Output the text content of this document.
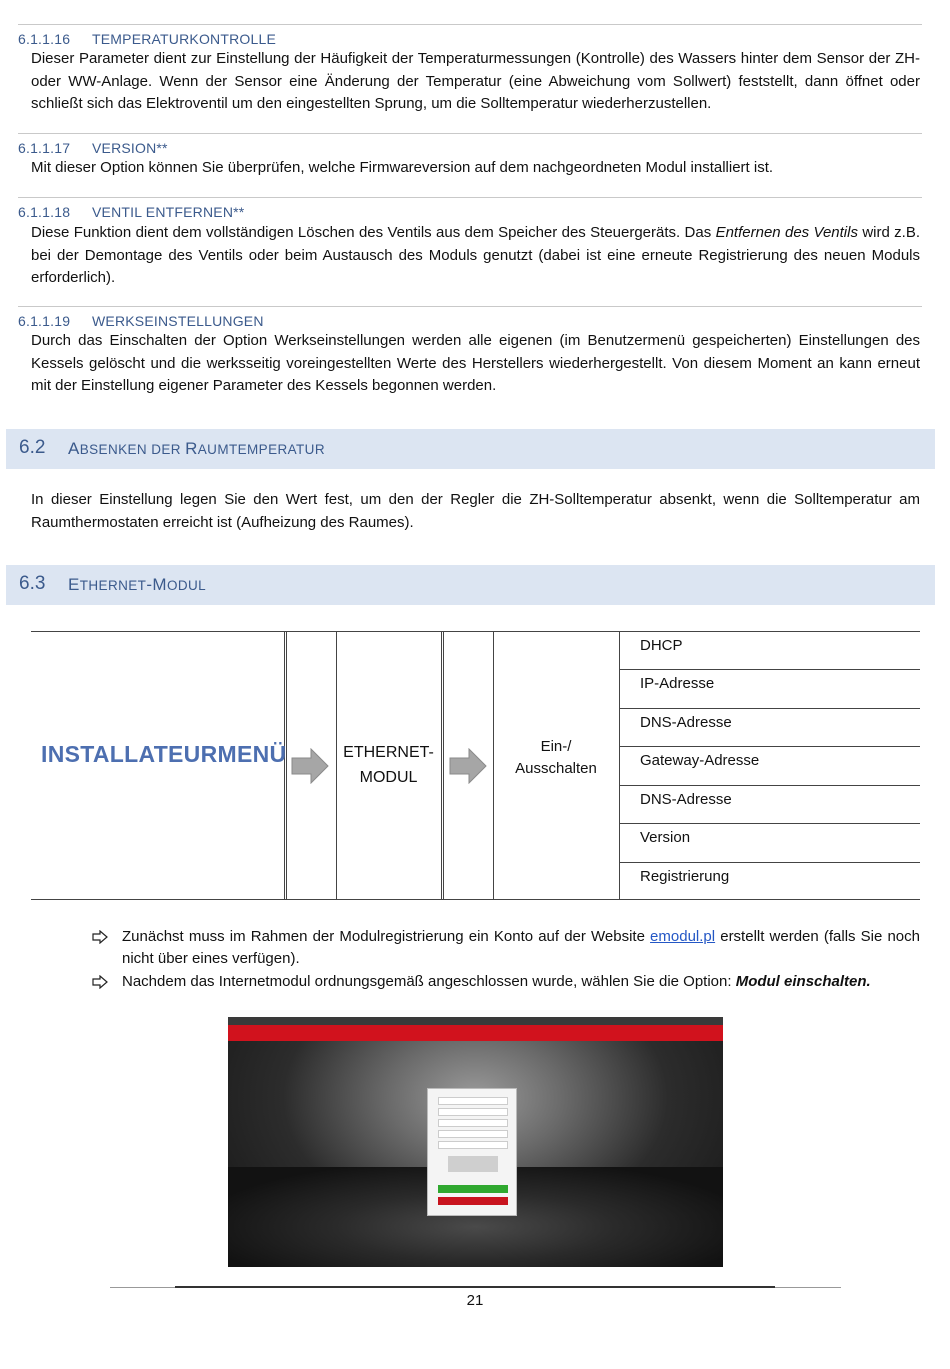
6.1.1.16 TEMPERATURKONTROLLE
Dieser Parameter dient zur Einstellung der Häufigkeit der Temperaturmessungen (Kontrolle) des Wassers hinter dem Sensor der ZH- oder WW-Anlage. Wenn der Sensor eine Änderung der Temperatur (eine Abweichung vom Sollwert) feststellt, dann öffnet oder schließt sich das Elektroventil um den eingestellten Sprung, um die Solltemperatur wiederherzustellen.
6.1.1.17 VERSION**
Mit dieser Option können Sie überprüfen, welche Firmwareversion auf dem nachgeordneten Modul installiert ist.
6.1.1.18 VENTIL ENTFERNEN**
Diese Funktion dient dem vollständigen Löschen des Ventils aus dem Speicher des Steuergeräts. Das Entfernen des Ventils wird z.B. bei der Demontage des Ventils oder beim Austausch des Moduls genutzt (dabei ist eine erneute Registrierung des neuen Moduls erforderlich).
6.1.1.19 WERKSEINSTELLUNGEN
Durch das Einschalten der Option Werkseinstellungen werden alle eigenen (im Benutzermenü gespeicherten) Einstellungen des Kessels gelöscht und die werksseitig voreingestellten Werte des Herstellers wiederhergestellt. Von diesem Moment an kann erneut mit der Einstellung eigener Parameter des Kessels begonnen werden.
6.2 ABSENKEN DER RAUMTEMPERATUR
In dieser Einstellung legen Sie den Wert fest, um den der Regler die ZH-Solltemperatur absenkt, wenn die Solltemperatur am Raumthermostaten erreicht ist (Aufheizung des Raumes).
6.3 ETHERNET-MODUL
INSTALLATEURMENÜ	ETHERNET-
MODUL
Ein-/
Ausschalten
DHCP
IP-Adresse
DNS-Adresse
Gateway-Adresse
DNS-Adresse
Version
Registrierung
Zunächst muss im Rahmen der Modulregistrierung ein Konto auf der Website emodul.pl erstellt werden (falls Sie noch nicht über eines verfügen).
Nachdem das Internetmodul ordnungsgemäß angeschlossen wurde, wählen Sie die Option: Modul einschalten.
21
